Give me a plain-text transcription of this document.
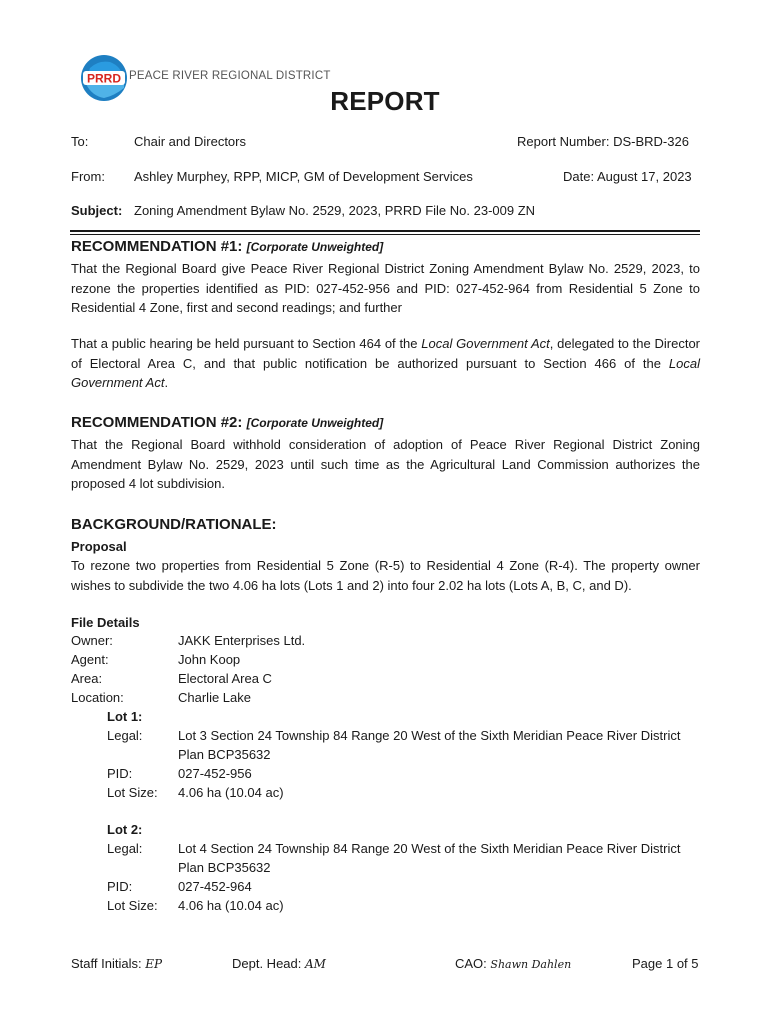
PRRD PEACE RIVER REGIONAL DISTRICT
REPORT
To:	Chair and Directors	Report Number: DS-BRD-326
From: Ashley Murphey, RPP, MICP, GM of Development Services	Date: August 17, 2023
Subject: Zoning Amendment Bylaw No. 2529, 2023, PRRD File No. 23-009 ZN
RECOMMENDATION #1: [Corporate Unweighted]
That the Regional Board give Peace River Regional District Zoning Amendment Bylaw No. 2529, 2023, to rezone the properties identified as PID: 027-452-956 and PID: 027-452-964 from Residential 5 Zone to Residential 4 Zone, first and second readings; and further
That a public hearing be held pursuant to Section 464 of the Local Government Act, delegated to the Director of Electoral Area C, and that public notification be authorized pursuant to Section 466 of the Local Government Act.
RECOMMENDATION #2: [Corporate Unweighted]
That the Regional Board withhold consideration of adoption of Peace River Regional District Zoning Amendment Bylaw No. 2529, 2023 until such time as the Agricultural Land Commission authorizes the proposed 4 lot subdivision.
BACKGROUND/RATIONALE:
Proposal
To rezone two properties from Residential 5 Zone (R-5) to Residential 4 Zone (R-4). The property owner wishes to subdivide the two 4.06 ha lots (Lots 1 and 2) into four 2.02 ha lots (Lots A, B, C, and D).
File Details
Owner:	JAKK Enterprises Ltd.
Agent:	John Koop
Area:	Electoral Area C
Location:	Charlie Lake
Lot 1:
Legal:	Lot 3 Section 24 Township 84 Range 20 West of the Sixth Meridian Peace River District
Plan BCP35632
PID:	027-452-956
Lot Size: 4.06 ha (10.04 ac)
Lot 2:
Legal:	Lot 4 Section 24 Township 84 Range 20 West of the Sixth Meridian Peace River District
Plan BCP35632
PID:	027-452-964
Lot Size: 4.06 ha (10.04 ac)
Staff Initials: EP	Dept. Head: AM	CAO: Shawn Dahlen	Page 1 of 5
